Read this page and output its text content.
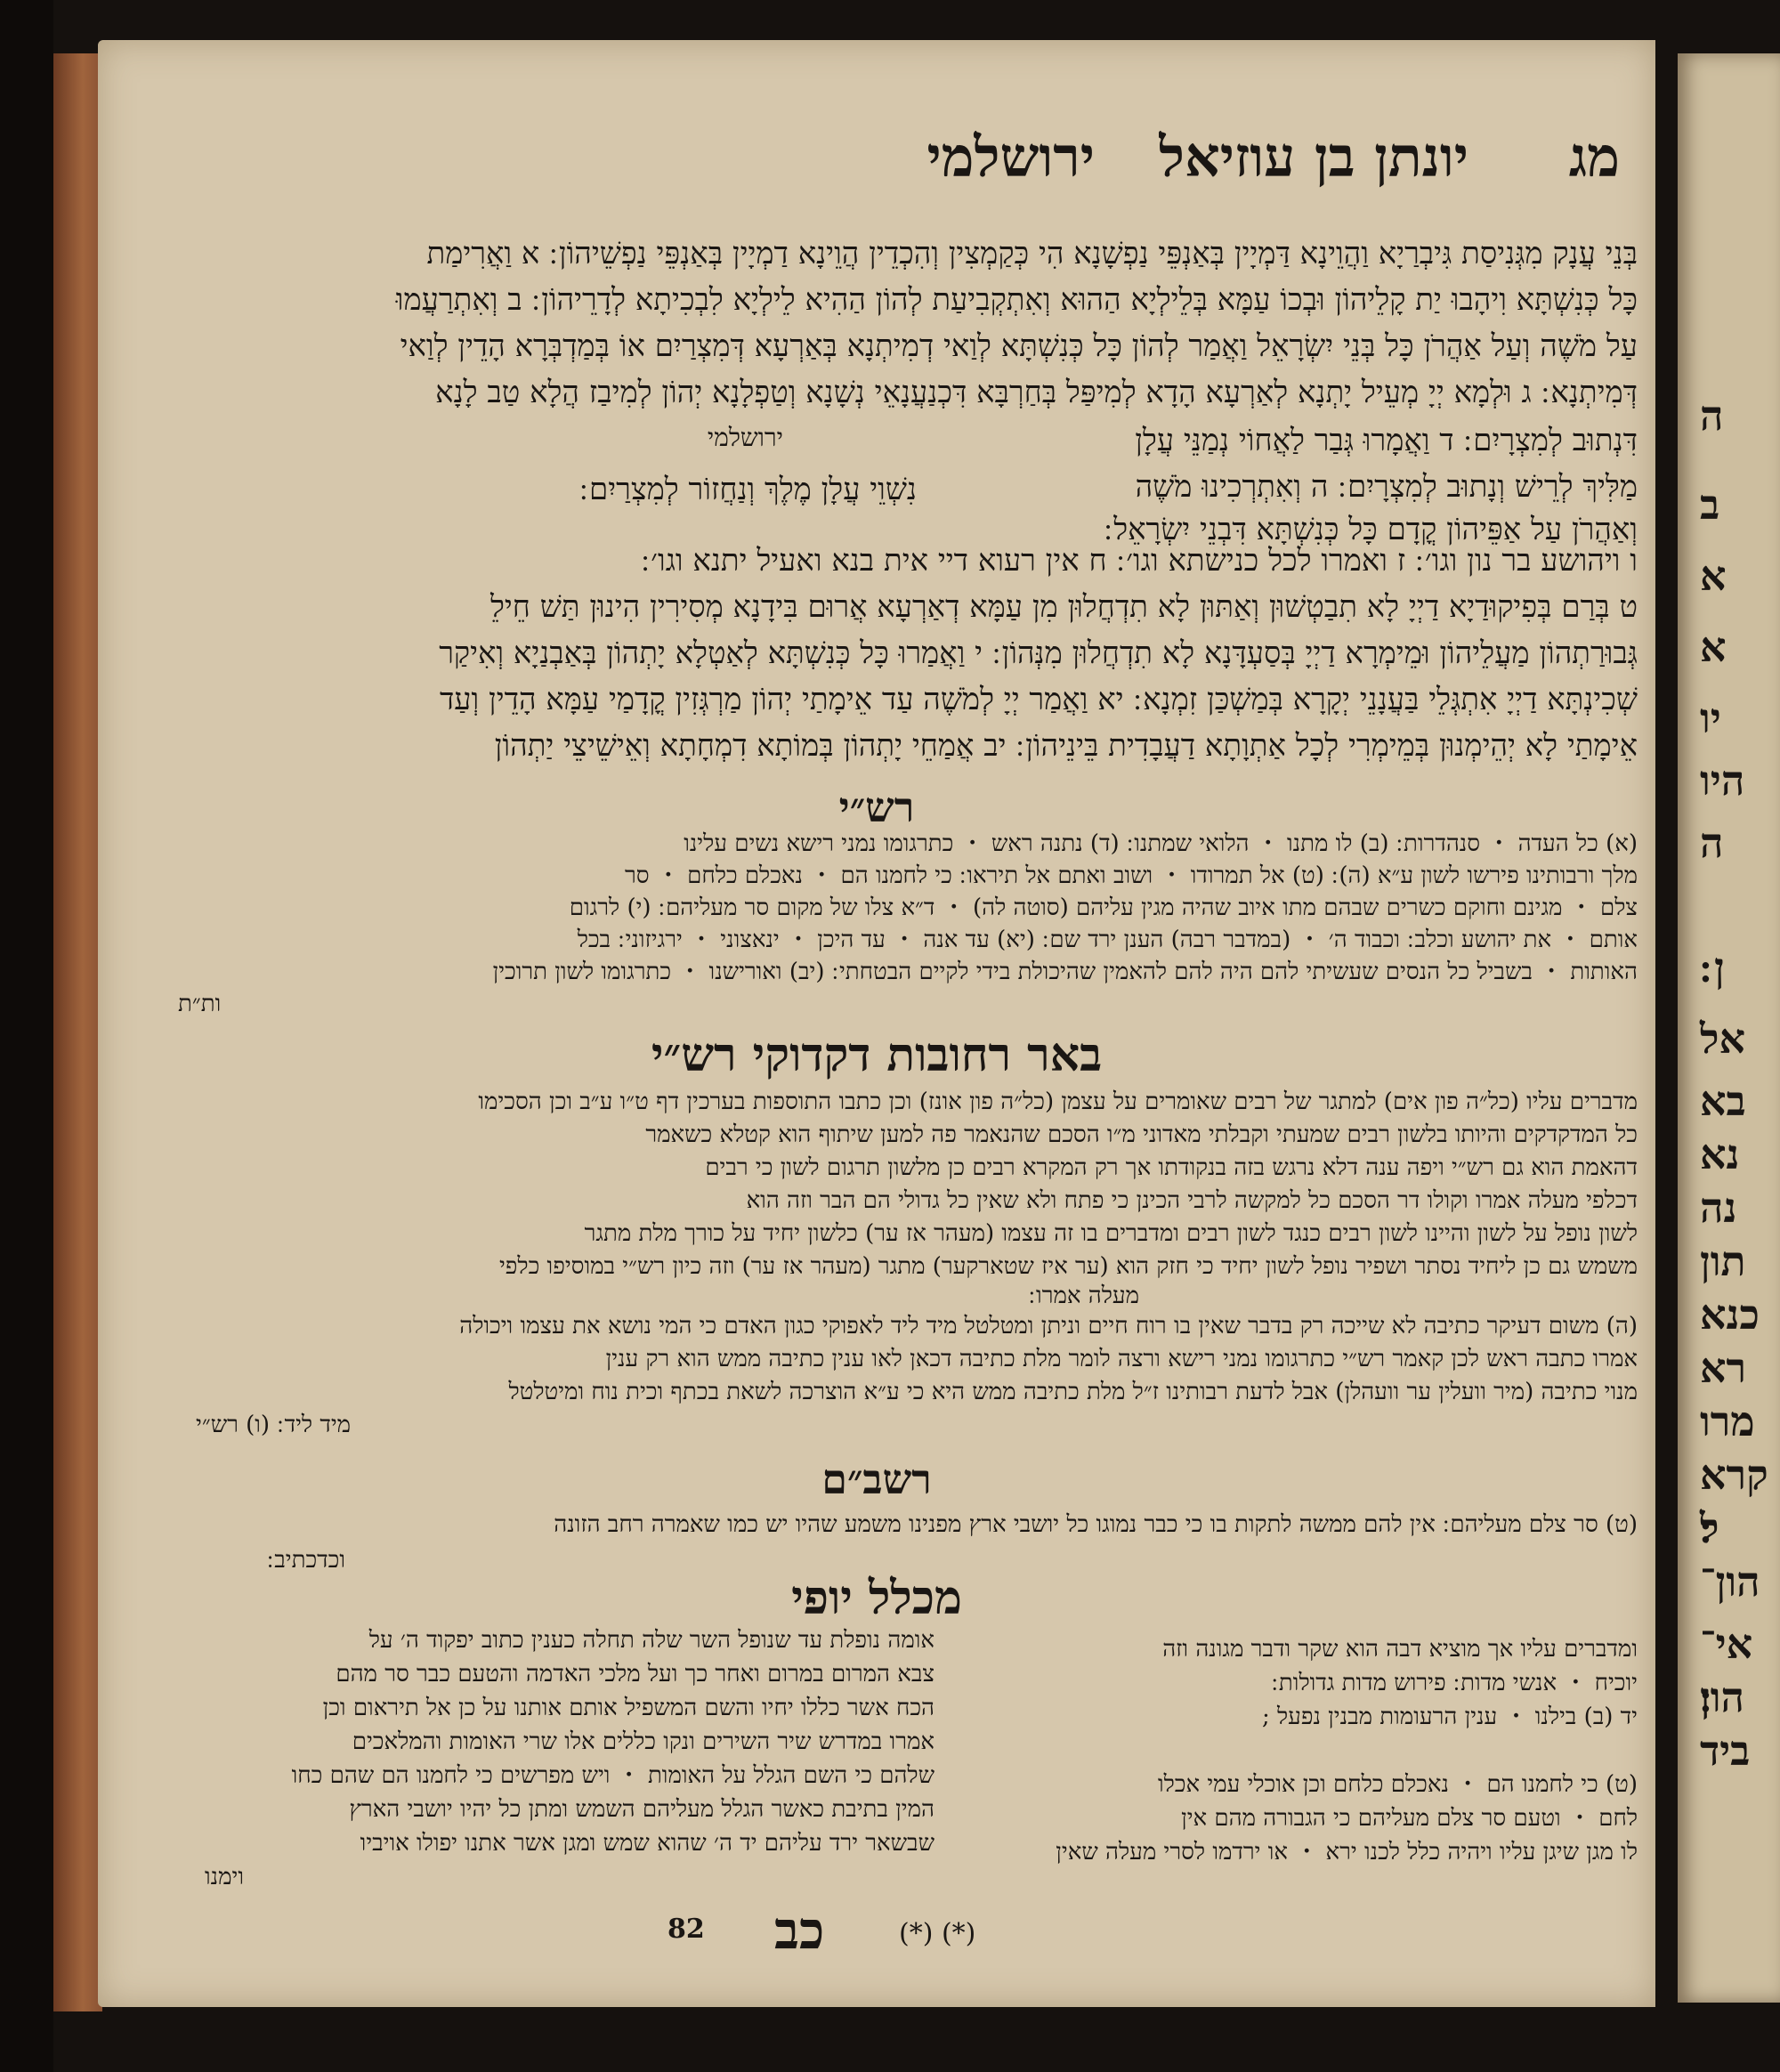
מג
יונתן בן עוזיאל
ירושלמי
בְּנֵי עֲנָק מִגְּנִיסַת גִּיבְרַיָא וַהֲוֵינָא דַּמְיָין בְּאַנְפֵּי נַפְשָׁנָא הִי כְּקַמְצִין וְהִכְדֵין הֲוֵינָא דַמְיָין בְּאַנְפֵּי נַפְשֵׁיהוֹן ׃ א וַאֲרִימַת
כָּל כְּנִשְׁתָּא וִיהָבוּ יַת קָלֵיהוֹן וּבְכוֹ עַמָּא בְּלֵילְיָא הַהוּא וְאִתְקְבִיעַת לְהוֹן הַהִיא לֵילְיָא לִבְכִיתָא לְדָרֵיהוֹן ׃ ב וְאִתְרַעֲמוּ
עַל מֹשֶׁה וְעַל אַהֲרֹן כָּל בְּנֵי יִשְׂרָאֵל וַאֲמַר לְהוֹן כָּל כְּנִשְׁתָּא לְוַאי דְמִיתְנָא בְּאַרְעָא דְּמִצְרַיִם אוֹ בְּמַדְבְּרָא הָדֵין לְוַאי
דְּמִיתְנָא ׃ ג וּלְמָא יְיָ מְעֵיל יָתְנָא לְאַרְעָא הָדָא לְמִיפַּל בְּחַרְבָּא דִּכְנַעֲנָאֵי נְשָׁנָא וְטַפְלָנָא יְהוֹן לְמִיבַז הֲלָא טַב לָנָא
דִּנְתוּב לְמִצְרָיִם ׃ ד וַאֲמָרוּ גְּבַר לַאֲחוֹי נְמַנֵּי עֲלָן
מַלִּיךְ לְרֵישׁ וְנָתוּב לְמִצְרָיִם ׃ ה וְאִתְרְכִינוּ מֹשֶׁה
וְאַהֲרֹן עַל אַפֵּיהוֹן קֳדָם כָּל כְּנִשְׁתָּא דִּבְנֵי יִשְׂרָאֵל ׃
ירושלמי
נִשְׁוֵי עֲלָן מֶלֶךְ וְנַחֲזוֹר לְמִצְרַיִם ׃
ו ויהושע בר נון וגו׳ ׃ ז ואמרו לכל כנישתא וגו׳ ׃ ח אין רעוא דיי אית בנא ואעיל יתנא וגו׳ ׃
ט בְּרַם בְּפִיקוּדַיָא דַיְיָ לָא תִבַטְשׁוּן וְאַתּוּן לָא תִדְחֲלוּן מִן עַמָּא דְאַרְעָא אֲרוּם בִּידָנָא מְסִירִין הִינוּן תַּשׁ חֵילֵ
גְּבוּרַתְהוֹן מַעֲלֵיהוֹן וּמֵימְרָא דַיְיָ בְּסַעְדָּנָא לָא תִדְחֲלוּן מִנְּהוֹן ׃ י וַאֲמַרוּ כָּל כְּנִשְׁתָּא לְאַטְלָא יָתְהוֹן בְּאַבְנַיָא וְאִיקַר
שְׁכִינְתָּא דַיְיָ אִתְגְּלֵי בַּעֲנָנֵי יְקָרָא בְּמַשְׁכַּן זִמְנָא ׃ יא וַאֲמַר יְיָ לְמֹשֶׁה עַד אֵימָתַי יְהוֹן מַרְגְּזִין קֳדָמַי עַמָּא הָדֵין וְעַד
אֵימָתַי לָא יְהֵימְנוּן בְּמֵימְרִי לְכָל אַתְוָתָא דַעֲבָדִית בֵּינֵיהוֹן ׃ יב אֲמַחֵי יָתְהוֹן בְּמוֹתָא דִמְחָתָא וְאֵישֵׁיצֵי יַתְהוֹן
רש״י
(א) כל העדה ・ סנהדרות ׃ (ב) לו מתנו ・ הלואי שמתנו ׃ (ד) נתנה ראש ・ כתרגומו נמני רישא נשים עלינו
מלך ורבותינו פירשו לשון ע״א (ה) ׃ (ט) אל תמרודו ・ ושוב ואתם אל תיראו ׃ כי לחמנו הם ・ נאכלם כלחם ・ סר
צלם ・ מגינם וחוקם כשרים שבהם מתו איוב שהיה מגין עליהם (סוטה לה) ・ ד״א צלו של מקום סר מעליהם ׃ (י) לרגום
אותם ・ את יהושע וכלב ׃ וכבוד ה׳ ・ (במדבר רבה) הענן ירד שם ׃ (יא) עד אנה ・ עד היכן ・ ינאצוני ・ ירגיזוני ׃ בכל
האותות ・ בשביל כל הנסים שעשיתי להם היה להם להאמין שהיכולת בידי לקיים הבטחתי ׃ (יב) ואורישנו ・ כתרגומו לשון תרוכין
ות״ת
באר רחובות דקדוקי רש״י
מדברים עליו (כל״ה פון אים) למתגר של רבים שאומרים על עצמן (כל״ה פון אונז) וכן כתבו התוספות בערכין דף ט״ו ע״ב וכן הסכימו
כל המדקדקים והיותו בלשון רבים שמעתי וקבלתי מאדוני מ״ו הסכם שהנאמר פה למען שיתוף הוא קטלא כשאמר
דהאמת הוא גם רש״י ויפה ענה דלא נרגש בזה בנקודתו אך רק המקרא רבים כן מלשון תרגום לשון כי רבים
דכלפי מעלה אמרו וקולו דר הסכם כל למקשה לרבי הכינן כי פתח ולא שאין כל גדולי הם הבר וזה הוא
לשון נופל על לשון והיינו לשון רבים כנגד לשון רבים ומדברים בו זה עצמו (מעהר אז ער) כלשון יחיד על כורך מלת מתגר
משמש גם כן ליחיד נסתר ושפיר נופל לשון יחיד כי חזק הוא (ער איז שטארקער) מתגר (מעהר אז ער) וזה כיון רש״י במוסיפו כלפי
מעלה אמרו ׃
(ה) משום דעיקר כתיבה לא שייכה רק בדבר שאין בו רוח חיים וניתן ומטלטל מיד ליד לאפוקי כגון האדם כי המי נושא את עצמו ויכולה
אמרו כתבה ראש לכן קאמר רש״י כתרגומו נמני רישא ורצה לומר מלת כתיבה דכאן לאו ענין כתיבה ממש הוא רק ענין
מנוי כתיבה (מיר וועלין ער וועהלן) אבל לדעת רבותינו ז״ל מלת כתיבה ממש היא כי ע״א הוצרכה לשאת בכתף וכית נוח ומיטלטל
מיד ליד ׃ (ו) רש״י
רשב״ם
(ט) סר צלם מעליהם ׃ אין להם ממשה לתקות בו כי כבר נמוגו כל יושבי ארץ מפנינו משמע שהיו יש כמו שאמרה רחב הזונה
וכדכתיב ׃
מכלל יופי
ומדברים עליו אך מוציא דבה הוא שקר ודבר מגונה וזה
יוכיח ・ אנשי מדות ׃ פירוש מדות גדולות ׃
יד (ב) בילנו ・ ענין הרעומות מבנין נפעל ;
(ט) כי לחמנו הם ・ נאכלם כלחם וכן אוכלי עמי אכלו
לחם ・ וטעם סר צלם מעליהם כי הגבורה מהם אין
לו מגן שיגן עליו ויהיה כלל לכנו ירא ・ או ירדמו לסרי מעלה שאין
אומה נופלת עד שנופל השר שלה תחלה כענין כתוב יפקוד ה׳ על
צבא המרום במרום ואחר כך ועל מלכי האדמה והטעם כבר סר מהם
הכח אשר כללו יחיו והשם המשפיל אותם אותנו על כן אל תיראום וכן
אמרו במדרש שיר השירים ונקו כללים אלו שרי האומות והמלאכים
שלהם כי השם הגלל על האומות ・ ויש מפרשים כי לחמנו הם שהם כחו
המין בתיבת כאשר הגלל מעליהם השמש ומתן כל יהיו יושבי הארץ
שבשאר ירד עליהם יד ה׳ שהוא שמש ומגן אשר אתנו יפולו אויביו
וימנו
(*) (*)
כב
82
ה
ב
א
א
יו
היו
ה
ן ׃
אל
בא
נא
נה
תון
כנא
רא
מרו
קרא
ל׃
הון־
אי־
הון׃
ביד
